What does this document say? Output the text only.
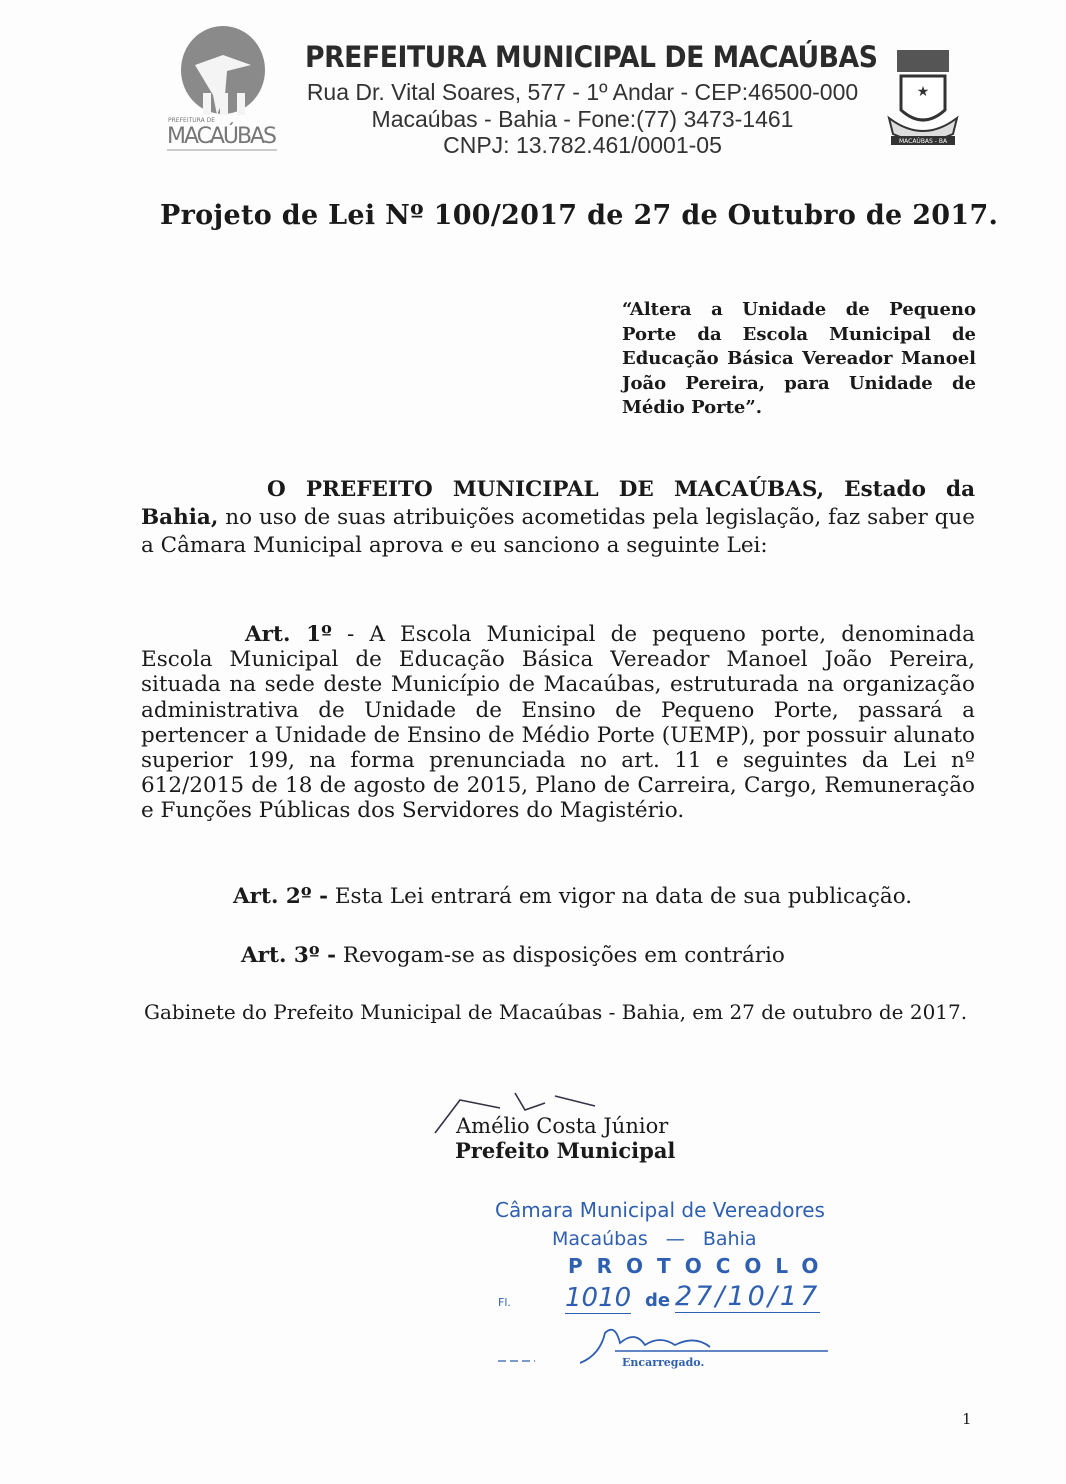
PREFEITURA DE
MACAÚBAS
PREFEITURA MUNICIPAL DE MACAÚBAS
Rua Dr. Vital Soares, 577 - 1º Andar - CEP:46500-000
Macaúbas - Bahia - Fone:(77) 3473-1461
CNPJ: 13.782.461/0001-05
★
MACAÚBAS - BA
Projeto de Lei Nº 100/2017 de 27 de Outubro de 2017.
“Altera a Unidade de Pequeno Porte da Escola Municipal de Educação Básica Vereador Manoel João Pereira, para Unidade de Médio Porte”.
O PREFEITO MUNICIPAL DE MACAÚBAS, Estado da Bahia, no uso de suas atribuições acometidas pela legislação, faz saber que a Câmara Municipal aprova e eu sanciono a seguinte Lei:
Art. 1º - A Escola Municipal de pequeno porte, denominada Escola Municipal de Educação Básica Vereador Manoel João Pereira, situada na sede deste Município de Macaúbas, estruturada na organização administrativa de Unidade de Ensino de Pequeno Porte, passará a pertencer a Unidade de Ensino de Médio Porte (UEMP), por possuir alunato superior 199, na forma prenunciada no art. 11 e seguintes da Lei nº 612/2015 de 18 de agosto de 2015, Plano de Carreira, Cargo, Remuneração e Funções Públicas dos Servidores do Magistério.
Art. 2º - Esta Lei entrará em vigor na data de sua publicação.
Art. 3º - Revogam-se as disposições em contrário
Gabinete do Prefeito Municipal de Macaúbas - Bahia, em 27 de outubro de 2017.
Amélio Costa Júnior
Prefeito Municipal
Câmara Municipal de Vereadores
Macaúbas — Bahia
PROTOCOLO
Fl. 1010 de 27/10/17
Encarregado.
1
